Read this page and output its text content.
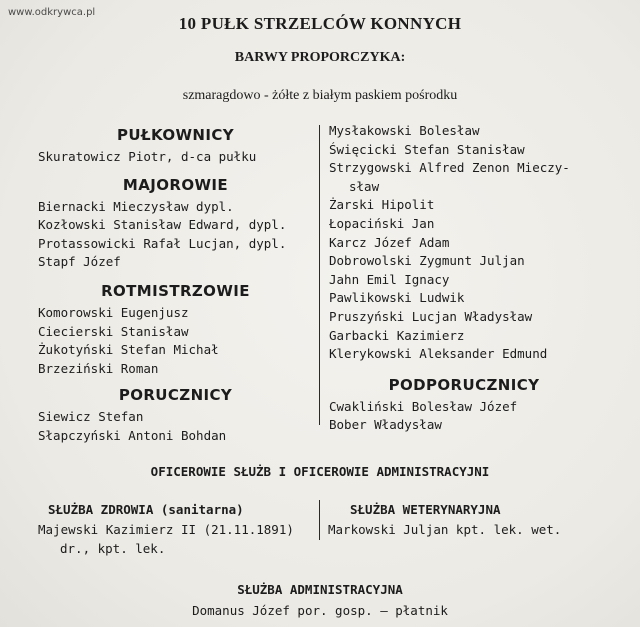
www.odkrywca.pl
10 PUŁK STRZELCÓW KONNYCH
BARWY PROPORCZYKA:
szmaragdowo - żółte z białym paskiem pośrodku
PUŁKOWNICY
Skuratowicz Piotr, d-ca pułku
MAJOROWIE
Biernacki Mieczysław dypl.
Kozłowski Stanisław Edward, dypl.
Protassowicki Rafał Lucjan, dypl.
Stapf Józef
ROTMISTRZOWIE
Komorowski Eugenjusz
Ciecierski Stanisław
Żukotyński Stefan Michał
Brzeziński Roman
PORUCZNICY
Siewicz Stefan
Słapczyński Antoni Bohdan
Mysłakowski Bolesław
Święcicki Stefan Stanisław
Strzygowski Alfred Zenon Mieczy-
sław
Żarski Hipolit
Łopaciński Jan
Karcz Józef Adam
Dobrowolski Zygmunt Juljan
Jahn Emil Ignacy
Pawlikowski Ludwik
Pruszyński Lucjan Władysław
Garbacki Kazimierz
Klerykowski Aleksander Edmund
PODPORUCZNICY
Cwakliński Bolesław Józef
Bober Władysław
OFICEROWIE SŁUŻB I OFICEROWIE ADMINISTRACYJNI
SŁUŻBA ZDROWIA (sanitarna)
Majewski Kazimierz II (21.11.1891)
dr., kpt. lek.
SŁUŻBA WETERYNARYJNA
Markowski Juljan kpt. lek. wet.
SŁUŻBA ADMINISTRACYJNA
Domanus Józef por. gosp. — płatnik
